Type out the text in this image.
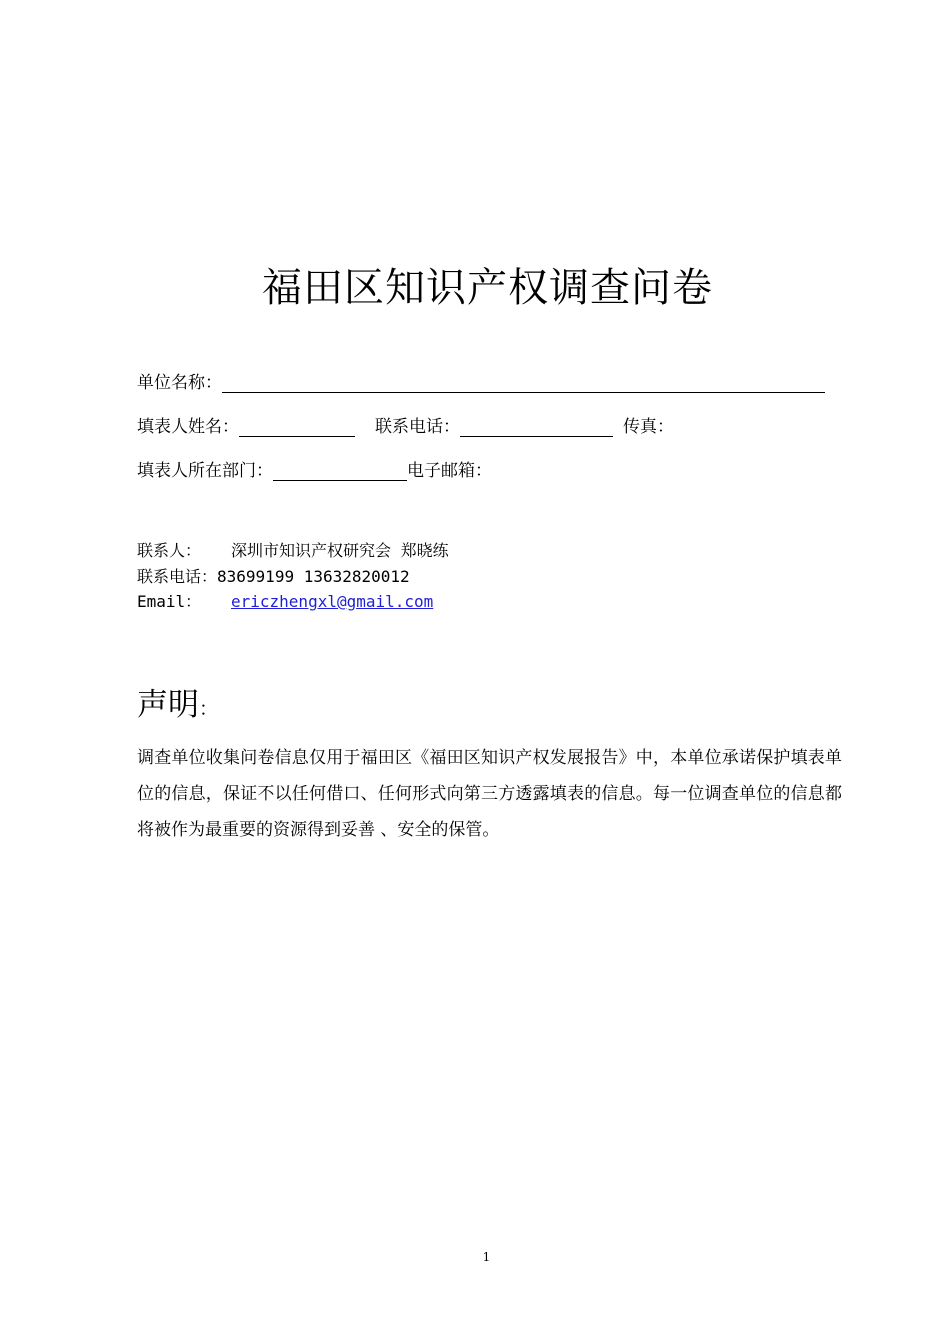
福田区知识产权调查问卷
单位名称：
填表人姓名：	联系电话：	传真：
填表人所在部门：	电子邮箱：
联系人： 深圳市知识产权研究会 郑晓练
联系电话：83699199 13632820012
Email： ericzhengxl@gmail.com
声明：
调查单位收集问卷信息仅用于福田区《福田区知识产权发展报告》中，本单位承诺保护填表单位的信息，保证不以任何借口、任何形式向第三方透露填表的信息。每一位调查单位的信息都将被作为最重要的资源得到妥善 、安全的保管。
1
